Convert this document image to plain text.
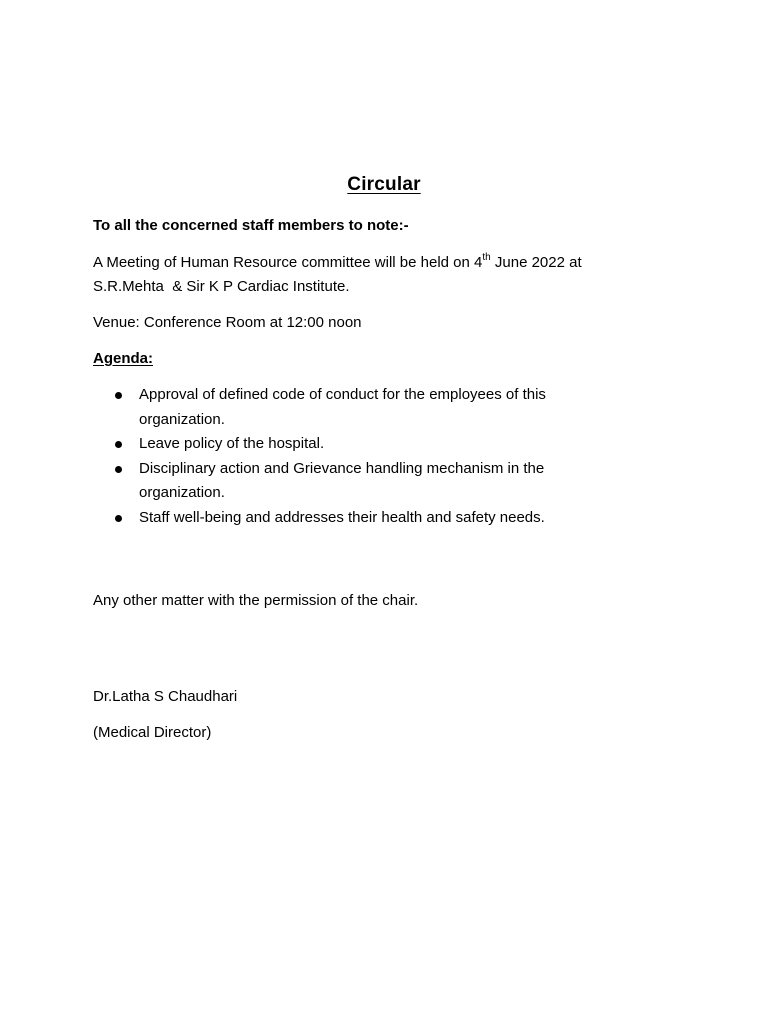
Circular
To all the concerned staff members to note:-
A Meeting of Human Resource committee will be held on 4th June 2022 at
S.R.Mehta  & Sir K P Cardiac Institute.
Venue: Conference Room at 12:00 noon
Agenda:
Approval of defined code of conduct for the employees of this
organization.
Leave policy of the hospital.
Disciplinary action and Grievance handling mechanism in the
organization.
Staff well-being and addresses their health and safety needs.
Any other matter with the permission of the chair.
Dr.Latha S Chaudhari
(Medical Director)
